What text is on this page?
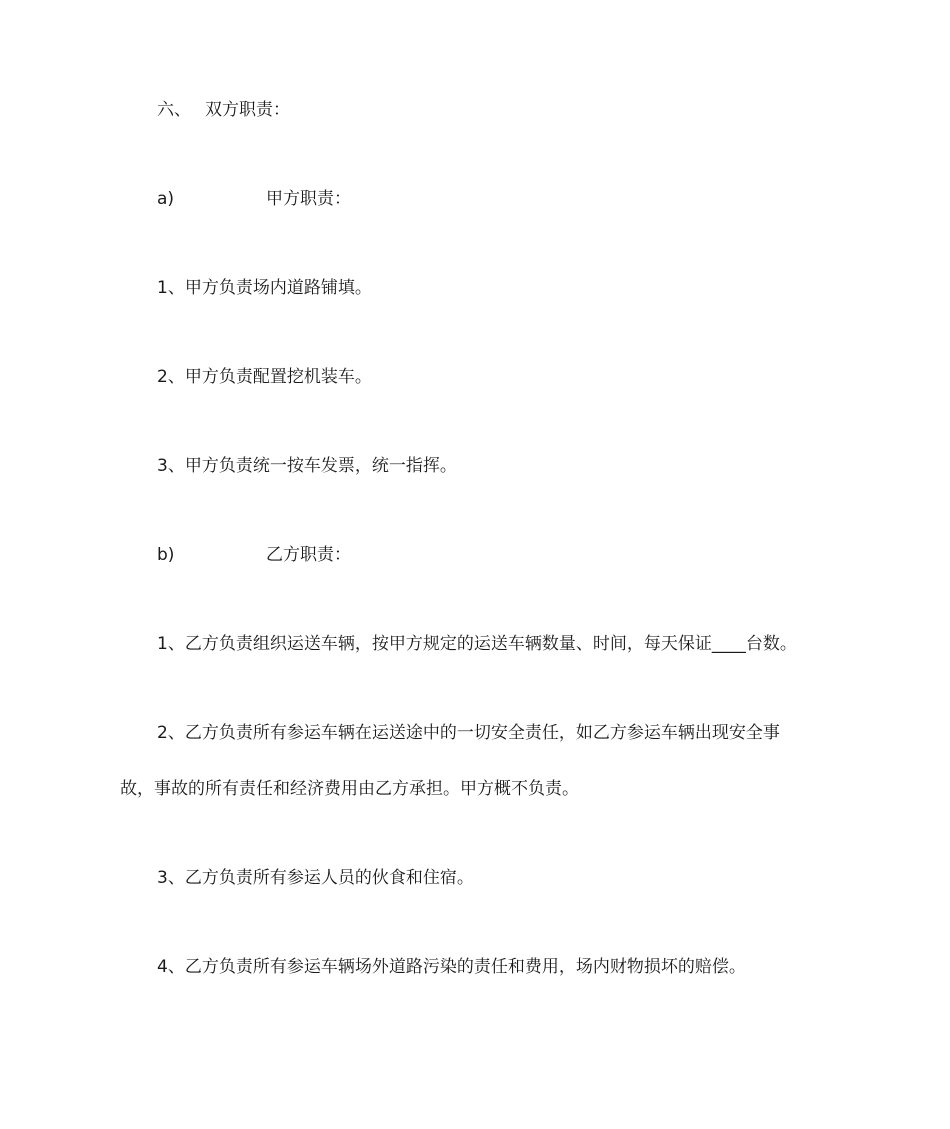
六、 双方职责：
a)	甲方职责：
1、甲方负责场内道路铺填。
2、甲方负责配置挖机装车。
3、甲方负责统一按车发票，统一指挥。
b)	乙方职责：
1、乙方负责组织运送车辆，按甲方规定的运送车辆数量、时间，每天保证____台数。
2、乙方负责所有参运车辆在运送途中的一切安全责任，如乙方参运车辆出现安全事
故，事故的所有责任和经济费用由乙方承担。甲方概不负责。
3、乙方负责所有参运人员的伙食和住宿。
4、乙方负责所有参运车辆场外道路污染的责任和费用，场内财物损坏的赔偿。
